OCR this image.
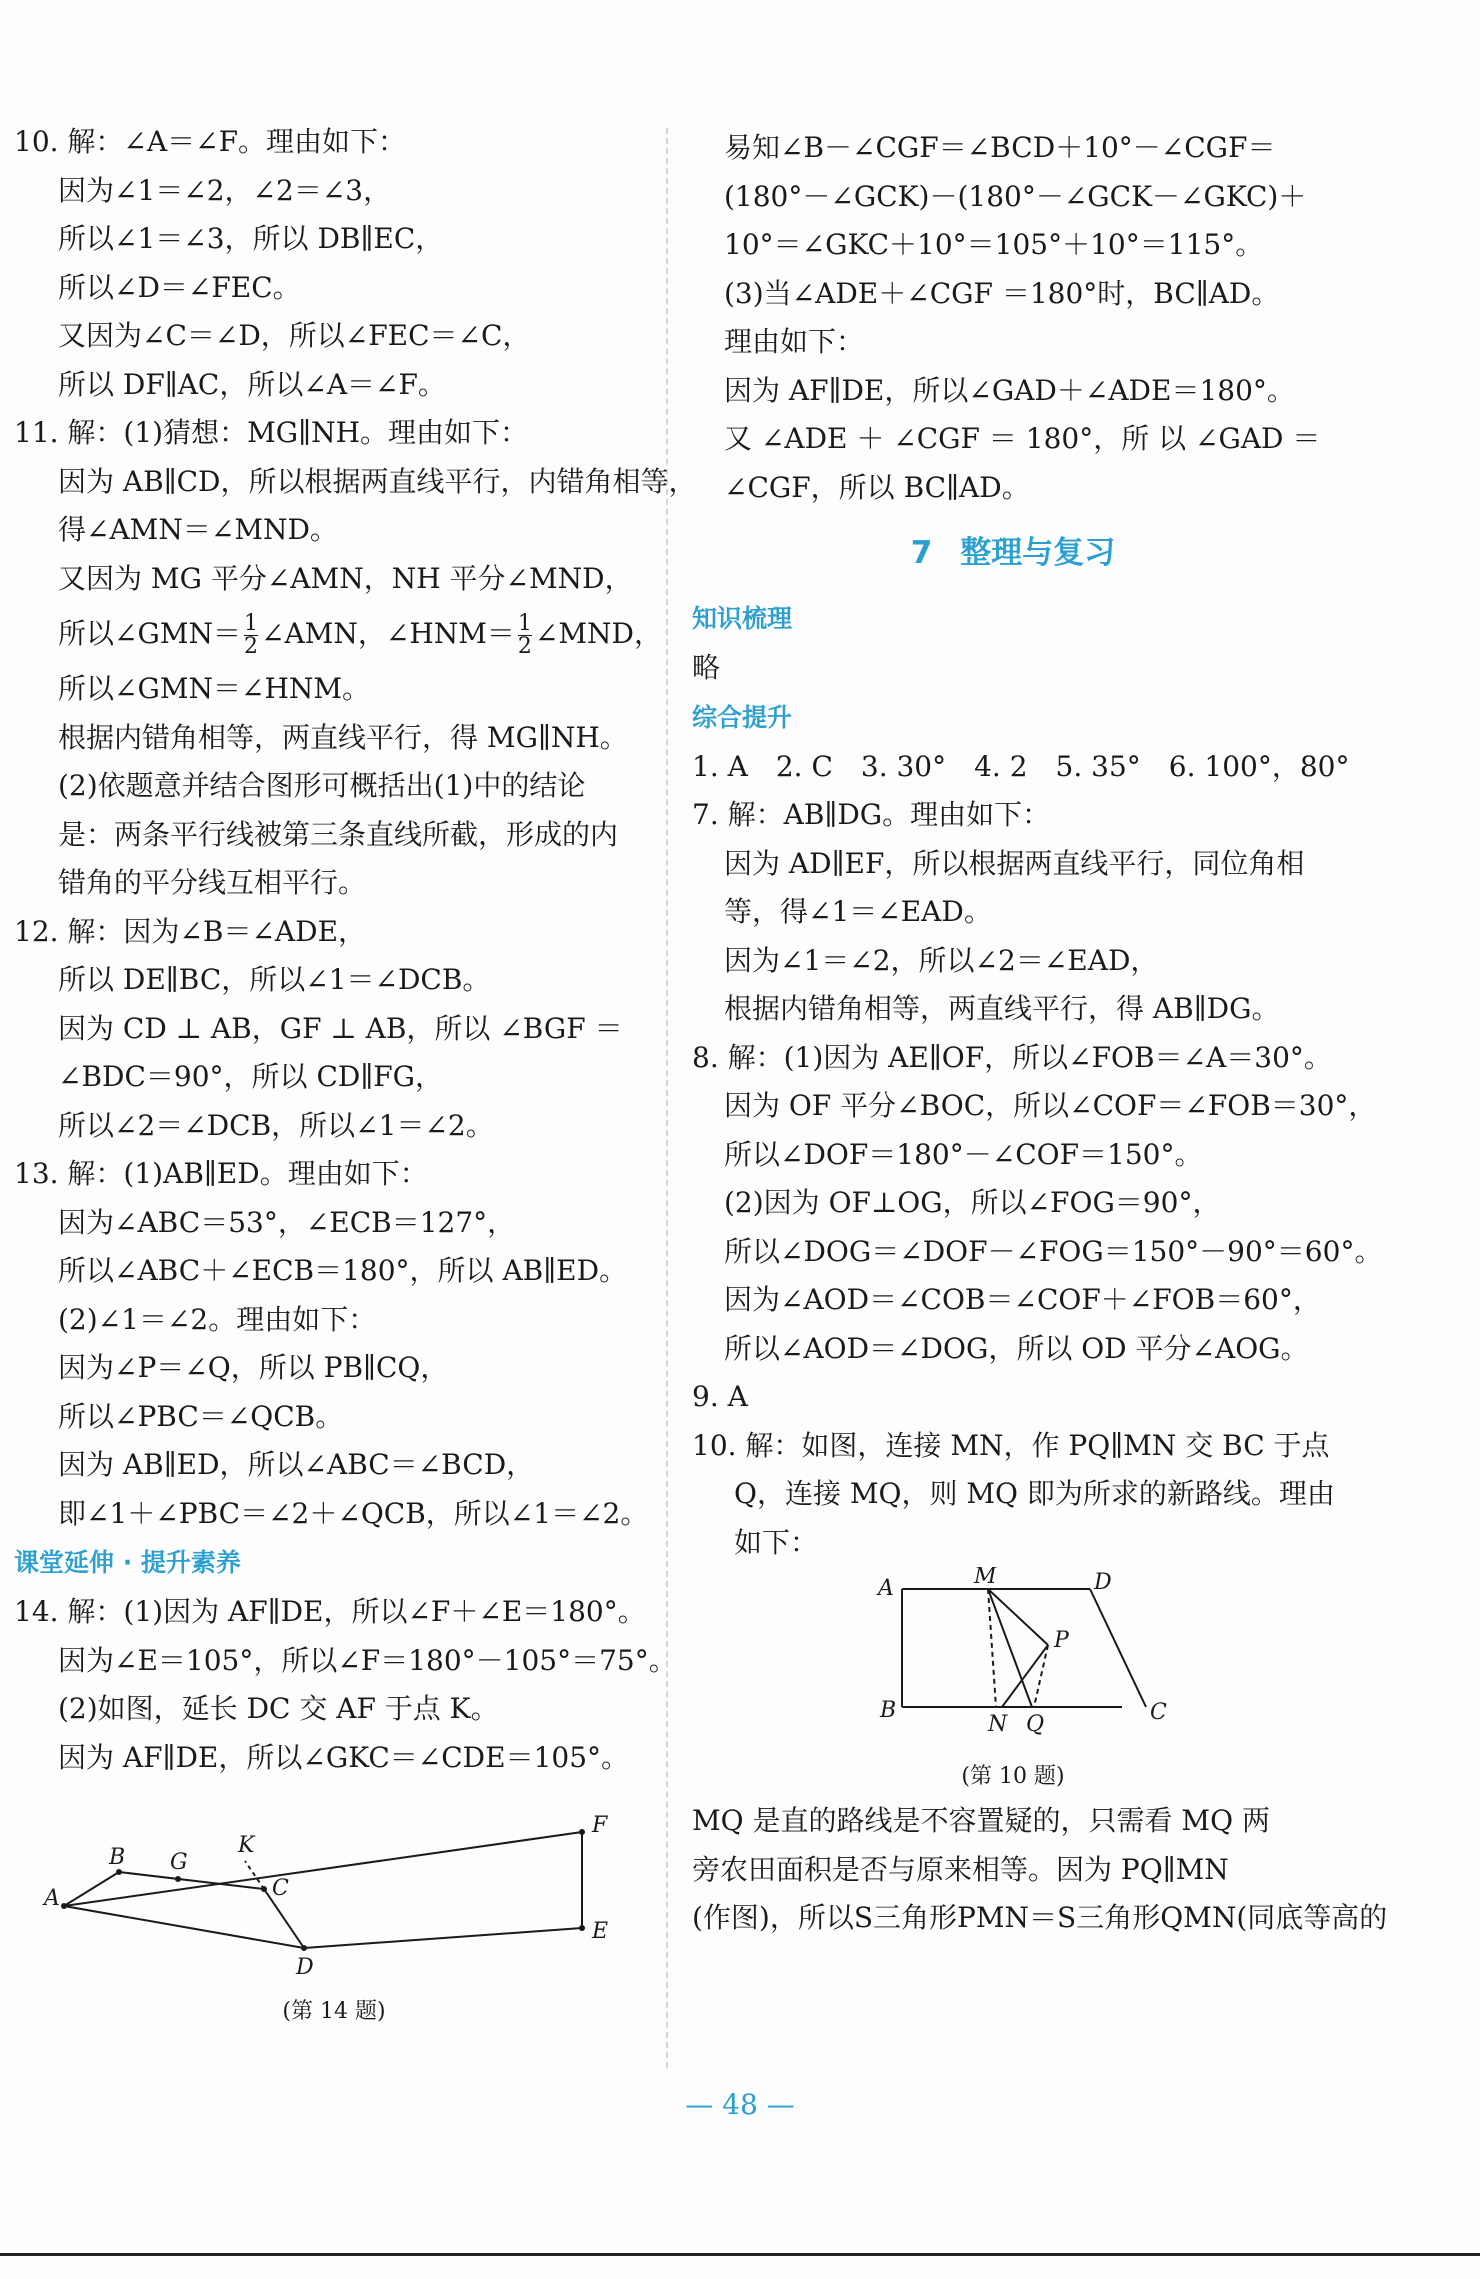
10. 解：∠A＝∠F。理由如下：
因为∠1＝∠2，∠2＝∠3，
所以∠1＝∠3，所以 DB∥EC，
所以∠D＝∠FEC。
又因为∠C＝∠D，所以∠FEC＝∠C，
所以 DF∥AC，所以∠A＝∠F。
11. 解：(1)猜想：MG∥NH。理由如下：
因为 AB∥CD，所以根据两直线平行，内错角相等，
得∠AMN＝∠MND。
又因为 MG 平分∠AMN，NH 平分∠MND，
所以∠GMN＝ $\frac{1}{2}$ ∠AMN，∠HNM＝ $\frac{1}{2}$ ∠MND，
所以∠GMN＝∠HNM。
根据内错角相等，两直线平行，得 MG∥NH。
(2)依题意并结合图形可概括出(1)中的结论
是：两条平行线被第三条直线所截，形成的内
错角的平分线互相平行。
12. 解：因为∠B＝∠ADE，
所以 DE∥BC，所以∠1＝∠DCB。
因为 CD ⊥ AB，GF ⊥ AB，所以 ∠BGF ＝
∠BDC＝90°，所以 CD∥FG，
所以∠2＝∠DCB，所以∠1＝∠2。
13. 解：(1)AB∥ED。理由如下：
因为∠ABC＝53°，∠ECB＝127°，
所以∠ABC＋∠ECB＝180°，所以 AB∥ED。
(2)∠1＝∠2。理由如下：
因为∠P＝∠Q，所以 PB∥CQ，
所以∠PBC＝∠QCB。
因为 AB∥ED，所以∠ABC＝∠BCD，
即∠1＋∠PBC＝∠2＋∠QCB，所以∠1＝∠2。
课堂延伸 · 提升素养
14. 解：(1)因为 AF∥DE，所以∠F＋∠E＝180°。
因为∠E＝105°，所以∠F＝180°－105°＝75°。
(2)如图，延长 DC 交 AF 于点 K。
因为 AF∥DE，所以∠GKC＝∠CDE＝105°。
A
B G
K
C
D
E
F
(第 14 题)
易知∠B－∠CGF＝∠BCD＋10°－∠CGF＝
(180°－∠GCK)－(180°－∠GCK－∠GKC)＋
10°＝∠GKC＋10°＝105°＋10°＝115°。
(3)当∠ADE＋∠CGF ＝180°时，BC∥AD。
理由如下：
因为 AF∥DE，所以∠GAD＋∠ADE＝180°。
又 ∠ADE ＋ ∠CGF ＝ 180°，所 以 ∠GAD ＝
∠CGF，所以 BC∥AD。
7 整理与复习
知识梳理
略
综合提升
1. A　2. C　3. 30°　4. 2　5. 35°　6. 100°，80°
7. 解：AB∥DG。理由如下：
因为 AD∥EF，所以根据两直线平行，同位角相
等，得∠1＝∠EAD。
因为∠1＝∠2，所以∠2＝∠EAD，
根据内错角相等，两直线平行，得 AB∥DG。
8. 解：(1)因为 AE∥OF，所以∠FOB＝∠A＝30°。
因为 OF 平分∠BOC，所以∠COF＝∠FOB＝30°，
所以∠DOF＝180°－∠COF＝150°。
(2)因为 OF⊥OG，所以∠FOG＝90°，
所以∠DOG＝∠DOF－∠FOG＝150°－90°＝60°。
因为∠AOD＝∠COB＝∠COF＋∠FOB＝60°，
所以∠AOD＝∠DOG，所以 OD 平分∠AOG。
9. A
10. 解：如图，连接 MN，作 PQ∥MN 交 BC 于点
Q，连接 MQ，则 MQ 即为所求的新路线。理由
如下：
A	M	D
P
B
N Q	C
(第 10 题)
MQ 是直的路线是不容置疑的，只需看 MQ 两
旁农田面积是否与原来相等。因为 PQ∥MN
(作图)，所以S三角形PMN＝S三角形QMN(同底等高的
— 48 —
